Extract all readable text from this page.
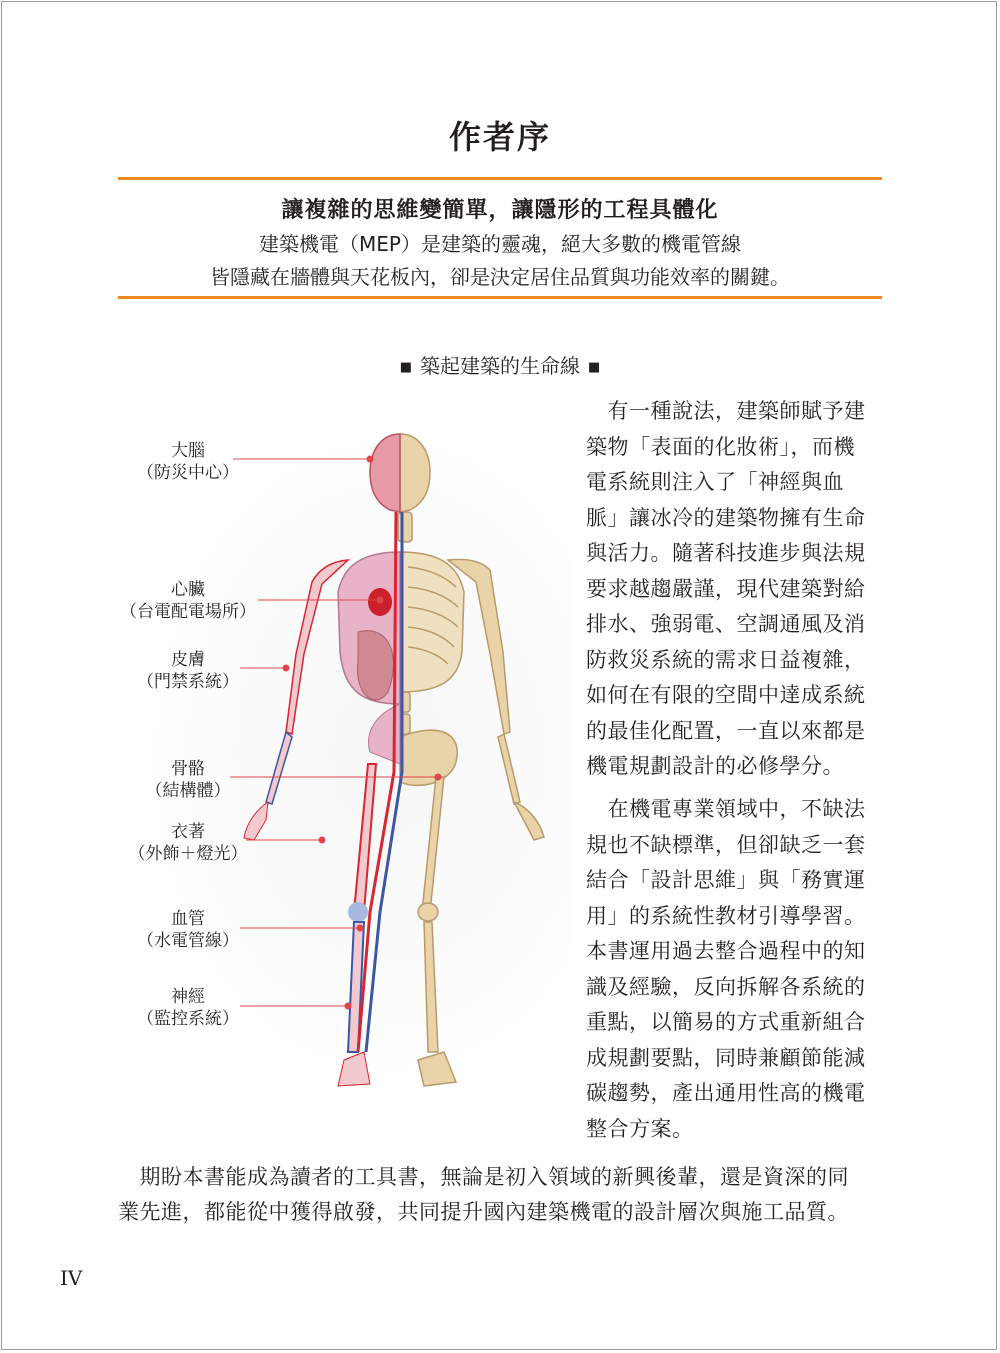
作者序
讓複雜的思維變簡單，讓隱形的工程具體化
建築機電（MEP）是建築的靈魂，絕大多數的機電管線
皆隱藏在牆體與天花板內，卻是決定居住品質與功能效率的關鍵。
■ 築起建築的生命線 ■
大腦
（防災中心）
心臟
（台電配電場所）
皮膚
（門禁系統）
骨骼
（結構體）
衣著
（外飾＋燈光）
血管
（水電管線）
神經
（監控系統）
　有一種說法，建築師賦予建
築物「表面的化妝術」，而機
電系統則注入了「神經與血
脈」讓冰冷的建築物擁有生命
與活力。隨著科技進步與法規
要求越趨嚴謹，現代建築對給
排水、強弱電、空調通風及消
防救災系統的需求日益複雜，
如何在有限的空間中達成系統
的最佳化配置，一直以來都是
機電規劃設計的必修學分。
　在機電專業領域中，不缺法
規也不缺標準，但卻缺乏一套
結合「設計思維」與「務實運
用」的系統性教材引導學習。
本書運用過去整合過程中的知
識及經驗，反向拆解各系統的
重點，以簡易的方式重新組合
成規劃要點，同時兼顧節能減
碳趨勢，產出通用性高的機電
整合方案。
　期盼本書能成為讀者的工具書，無論是初入領域的新興後輩，還是資深的同
業先進，都能從中獲得啟發，共同提升國內建築機電的設計層次與施工品質。
IV
